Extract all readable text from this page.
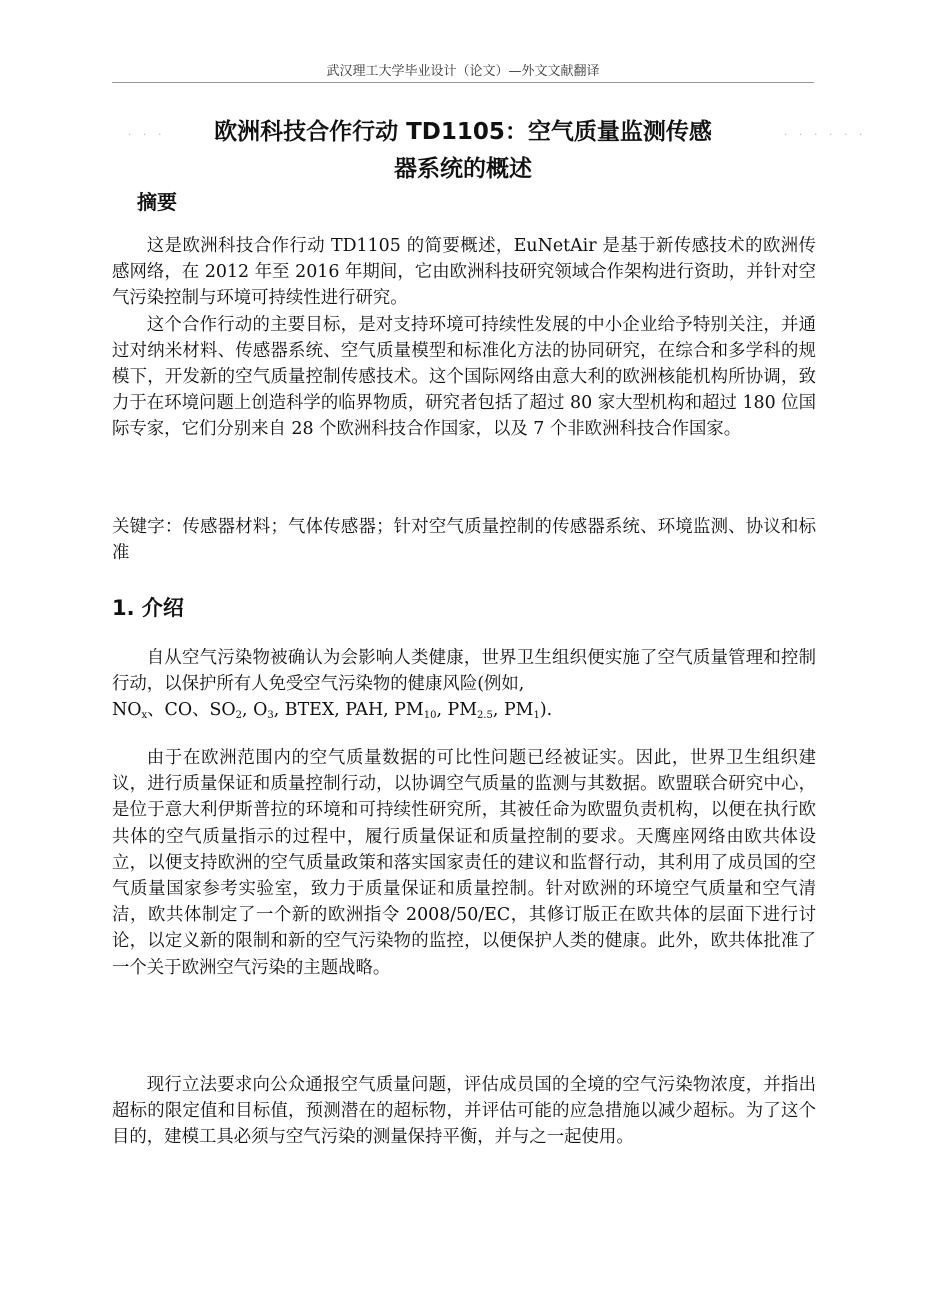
武汉理工大学毕业设计（论文）—外文文献翻译
· · ·	· · · · · ·
欧洲科技合作行动 TD1105：空气质量监测传感
器系统的概述
摘要

这是欧洲科技合作行动 TD1105 的简要概述，EuNetAir 是基于新传感技术的欧洲传感网络，在 2012 年至 2016 年期间，它由欧洲科技研究领域合作架构进行资助，并针对空气污染控制与环境可持续性进行研究。

这个合作行动的主要目标，是对支持环境可持续性发展的中小企业给予特别关注，并通过对纳米材料、传感器系统、空气质量模型和标准化方法的协同研究，在综合和多学科的规模下，开发新的空气质量控制传感技术。这个国际网络由意大利的欧洲核能机构所协调，致力于在环境问题上创造科学的临界物质，研究者包括了超过 80 家大型机构和超过 180 位国际专家，它们分别来自 28 个欧洲科技合作国家，以及 7 个非欧洲科技合作国家。

关键字：传感器材料；气体传感器；针对空气质量控制的传感器系统、环境监测、协议和标准

1. 介绍

自从空气污染物被确认为会影响人类健康，世界卫生组织便实施了空气质量管理和控制行动，以保护所有人免受空气污染物的健康风险(例如,
$NO_x$、CO、$SO_2$, $O_3$, BTEX, PAH, $PM_{10}$, $PM_{2.5}$, $PM_1$).

由于在欧洲范围内的空气质量数据的可比性问题已经被证实。因此，世界卫生组织建议，进行质量保证和质量控制行动，以协调空气质量的监测与其数据。欧盟联合研究中心，是位于意大利伊斯普拉的环境和可持续性研究所，其被任命为欧盟负责机构，以便在执行欧共体的空气质量指示的过程中，履行质量保证和质量控制的要求。天鹰座网络由欧共体设立，以便支持欧洲的空气质量政策和落实国家责任的建议和监督行动，其利用了成员国的空气质量国家参考实验室，致力于质量保证和质量控制。针对欧洲的环境空气质量和空气清洁，欧共体制定了一个新的欧洲指令 2008/50/EC，其修订版正在欧共体的层面下进行讨论，以定义新的限制和新的空气污染物的监控，以便保护人类的健康。此外，欧共体批准了一个关于欧洲空气污染的主题战略。

现行立法要求向公众通报空气质量问题，评估成员国的全境的空气污染物浓度，并指出超标的限定值和目标值，预测潜在的超标物，并评估可能的应急措施以减少超标。为了这个目的，建模工具必须与空气污染的测量保持平衡，并与之一起使用。
